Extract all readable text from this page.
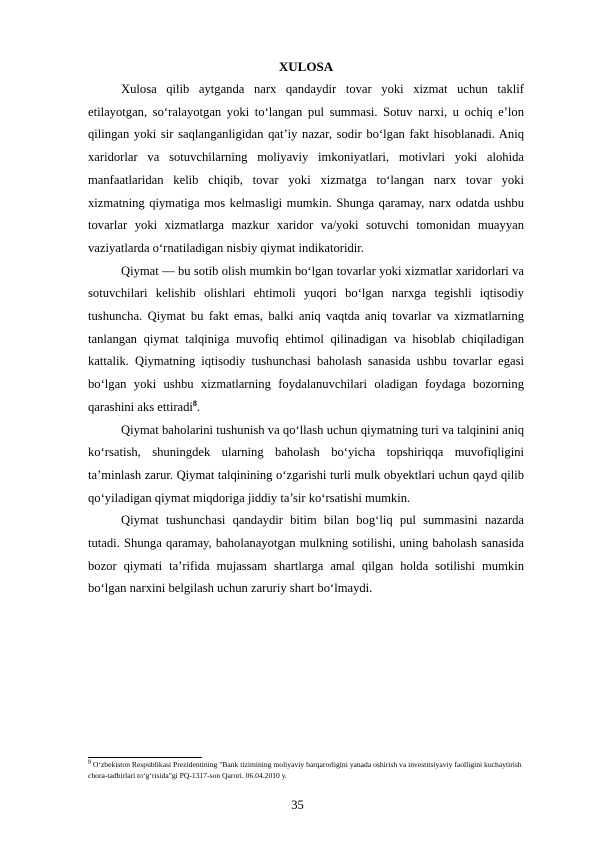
XULOSA

Xulosa qilib aytganda narx qandaydir tovar yoki xizmat uchun taklif etilayotgan, so‘ralayotgan yoki to‘langan pul summasi. Sotuv narxi, u ochiq e’lon qilingan yoki sir saqlanganligidan qat’iy nazar, sodir bo‘lgan fakt hisoblanadi. Aniq xaridorlar va sotuvchilarning moliyaviy imkoniyatlari, motivlari yoki alohida manfaatlaridan kelib chiqib, tovar yoki xizmatga to‘langan narx tovar yoki xizmatning qiymatiga mos kelmasligi mumkin. Shunga qaramay, narx odatda ushbu tovarlar yoki xizmatlarga mazkur xaridor va/yoki sotuvchi tomonidan muayyan vaziyatlarda o‘rnatiladigan nisbiy qiymat indikatoridir.

Qiymat — bu sotib olish mumkin bo‘lgan tovarlar yoki xizmatlar xaridorlari va sotuvchilari kelishib olishlari ehtimoli yuqori bo‘lgan narxga tegishli iqtisodiy tushuncha. Qiymat bu fakt emas, balki aniq vaqtda aniq tovarlar va xizmatlarning tanlangan qiymat talqiniga muvofiq ehtimol qilinadigan va hisoblab chiqiladigan kattalik. Qiymatning iqtisodiy tushunchasi baholash sanasida ushbu tovarlar egasi bo‘lgan yoki ushbu xizmatlarning foydalanuvchilari oladigan foydaga bozorning qarashini aks ettiradi$^8$.

Qiymat baholarini tushunish va qo‘llash uchun qiymatning turi va talqinini aniq ko‘rsatish, shuningdek ularning baholash bo‘yicha topshiriqqa muvofiqligini ta’minlash zarur. Qiymat talqinining o‘zgarishi turli mulk obyektlari uchun qayd qilib qo‘yiladigan qiymat miqdoriga jiddiy ta’sir ko‘rsatishi mumkin.

Qiymat tushunchasi qandaydir bitim bilan bog‘liq pul summasini nazarda tutadi. Shunga qaramay, baholanayotgan mulkning sotilishi, uning baholash sanasida bozor qiymati ta’rifida mujassam shartlarga amal qilgan holda sotilishi mumkin bo‘lgan narxini belgilash uchun zaruriy shart bo‘lmaydi.

$^8$ O‘zbekiston Respublikasi Prezidentining "Bank tizimining moliyaviy barqarorligini yanada oshirish va investitsiyaviy faolligini kuchaytirish chora-tadbirlari to‘g‘risida"gi PQ-1317-son Qarori. 06.04.2010 y.
35
